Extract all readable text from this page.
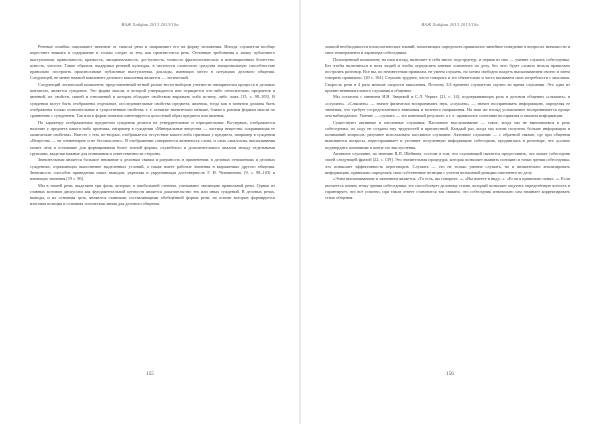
ВАЖ Хайфан 2013 2013/10a

Речевые ошибки описывают значение от смысла речи и направляют его на форму изложения. Иногда слушатели вообще перестают вникать в содержание и только следят за тем, как произносится речь. Основные требования к языку публичного выступления: правильность, краткость, эмоциональность, доступность, точность фразеологических и интонационных богатство, ясность, чистота. Такие образом, выдержки речевой культуры, в частности словесного средства эмоциональную способностью правильно построить произносимые публичные выступления, доклады, имеющих место в ситуациях делового общения. Следующей, не менее важной компонент делового мышления является — логический.

Следующий логический компонент, представленный четкой ролью вести выбором учетности эмпирически процесса в деловых контактах, является суждение. Это форма мысли, в которой утверждается или отрицается что-либо относительно предметов и явлений, их свойств, связей и отношений и которая обладает свойством выражать либо истину, либо ложь [15, с. 98–103]. В суждении могут быть отображены отдельные, последовательные свойства предмета, явления, тогда как в понятии должны быть отображены только отличительные и существенные свойства, т. е. понятие значительно меньше, ближе к разным формам мысли по сравнению с суждением. Так или в форме понятия синтезируется целостный образ предмета или явления.

По характеру отображаемых предметом суждения делятся на утвердительные и отрицательные. Во-первых, отображается наличие у предмета какого-либо признака, например в суждении «Минеральные вещества — частица вещества, сохраняющая ее химические свойства». Вместе с тем, во-вторых, отображается отсутствие какого-либо признака у предмета, например в суждении «Вещество — не элементарно и не бессмыслено». В отображении совершается активность слова, и сама «аналогия» высказывания может лечь в основание для формирования более точной формы, служебного и дополнительного анализа между отдельными группами, выделяя важные для понимания и ответственности стороны.

Значительным является большое внимание к деловым связям и разумность в применении, в деловых отношениях и деловых суждениях, отражающих выполнение выделенных условий, а также имеет рабочие значения в выражениях другого общения. Значимость способов приведения таких выводов, укрепляя и укрупняющая достоверность Г. И. Чеповинова. [9, с. 98–103] и имеющих значения [19 с. 96].

Мы в нашей речи, выделяем три фазы, которые, в наибольшей степени, учитывают эволюцию правильной речи. Одним из главных мотивов дискуссии как фундаментальной ценности является доказательство тех или иных суждений. В деловых речах, выводы, и их основная цель, являются главными составляющими обобщённой формы речи, на основе которых формируется итоговая позиция и основная логическая линия для делового общения.

155
ВАЖ Хайфан 2013 2013/10a

ложной необходимости психологических знаний, помогающих определить правильное линейное поведение в вопросах значимости и типа темперамента и характера собеседника.

Полноценный компонент, на наш взгляд, включает в себя много подструктур, и первая из них — умение слушать собеседника. Без чтобы включиться в поля людей и чтобы определить мнение оппонента по делу, без чего будет сложно нельзя правильно построить разговор. Все вы, по неизвестным правилам, не умеем слушать, но хотим свободно владеть высказыванием своего и затем говорить правильно. [20 с. 104]. Слушать трудное, часто говорить и это обязательно и часто вызываем свои потребности с мыслями. Скорость речи в 4 раза меньше скорости мышления. Поэтому 3/4 времени слушателю скучно во время слушания. Это одна из причин невнимательного слушания в общении.

Мы согласны с мнением И.Н. Зверевой и С.Л. Черкес [21, с. 14], подчеркивающих роль в деловом общении «слышать» и «слушать». «Слышать» — значит физически воспринимать звук, «слушать» — значит воспринимать информацию, определяя ее значения, что требует сосредоточенного внимания и волевого напряжения. На наш же взгляд услышанное воспринимается проще чем наблюдаемое. Умение — слушать — это конечный результат, а т. е. правильное сочетание восприятия и анализа информации.

Существуют активные и пассивные слушания. Пассивное выслушивание — такое, когда мы не вмешиваемся в речь собеседника, по ходу не создаем ему трудностей и препятствий. Каждый раз, когда мы хотим получить больше информации и пониманий вопросов, разумнее использовать пассивное слушание. Активное слушание — с обратной связью, где при общении выясняются вопросы, переспрашивает и уточняет полученную информацию собеседник, продвигаясь в разговоре, что должно подтвердить понимание в конце его выступления.

Активное слушание, по мнению В.П. Шейнова, состоит в том, что слушающий пытается предоставить, что может собеседник своей следующей фразой [22, с. 139]. Это значительная процедура, которая позволяет выявить позицию и точки зрения собеседника, что повышает эффективность переговоров. Слушать — это не только умение слушать, но и внимательно анализировать информацию, правильно определять свои собственные позиции с учетом возможной реакции оппонента по делу.

«Этим высказыванием и значением является: «То есть, вы говорите...», «Вы имеете в виду...». «Если я правильно понял...». Если пытаетесь понять точку зрения собеседника, это способствует деловому стилю, который позволяет ощутить определённую ясность и гарантирует, что всё усвоено, при таком ответе становится так связано, что собеседник изначально сам начинает корректировать стиль общения.

156
